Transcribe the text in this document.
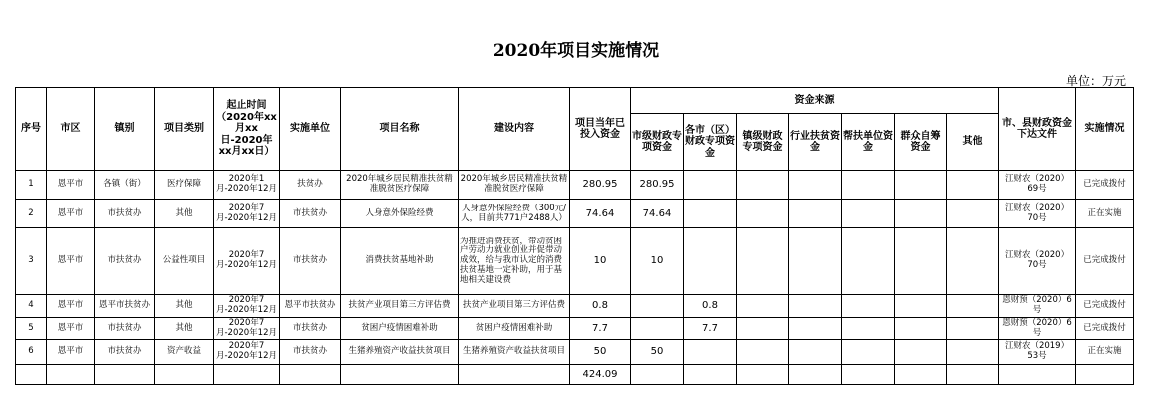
2020年项目实施情况
单位：万元
序号	市区	镇别	项目类别	起止时间（2020年xx月xx日-2020年xx月xx日）	实施单位	项目名称	建设内容	项目当年已投入资金	资金来源							市、县财政资金下达文件	实施情况
									市级财政专项资金	各市（区）财政专项资金	镇级财政专项资金	行业扶贫资金	帮扶单位资金	群众自筹资金	其他		
1	恩平市	各镇（街）	医疗保障	2020年1月-2020年12月	扶贫办	2020年城乡居民精准扶贫精准脱贫医疗保障	2020年城乡居民精准扶贫精准脱贫医疗保障	280.95	280.95							江财农（2020）69号	已完成拨付
2	恩平市	市扶贫办	其他	2020年7月-2020年12月	市扶贫办	人身意外保险经费	人身意外保险经费（300元/人，目前共771户2488人）	74.64	74.64							江财农（2020）70号	正在实施
3	恩平市	市扶贫办	公益性项目	2020年7月-2020年12月	市扶贫办	消费扶贫基地补助	为推进消费扶贫，带动贫困户劳动力就业创业并促带动成效，给与我市认定的消费扶贫基地一定补助，用于基地相关建设费	10	10							江财农（2020）70号	已完成拨付
4	恩平市	恩平市扶贫办	其他	2020年7月-2020年12月	恩平市扶贫办	扶贫产业项目第三方评估费	扶贫产业项目第三方评估费	0.8		0.8						恩财预（2020）6号	已完成拨付
5	恩平市	市扶贫办	其他	2020年7月-2020年12月	市扶贫办	贫困户疫情困难补助	贫困户疫情困难补助	7.7		7.7						恩财预（2020）6号	已完成拨付
6	恩平市	市扶贫办	资产收益	2020年7月-2020年12月	市扶贫办	生猪养殖资产收益扶贫项目	生猪养殖资产收益扶贫项目	50	50							江财农（2019）53号	正在实施
								424.09									
